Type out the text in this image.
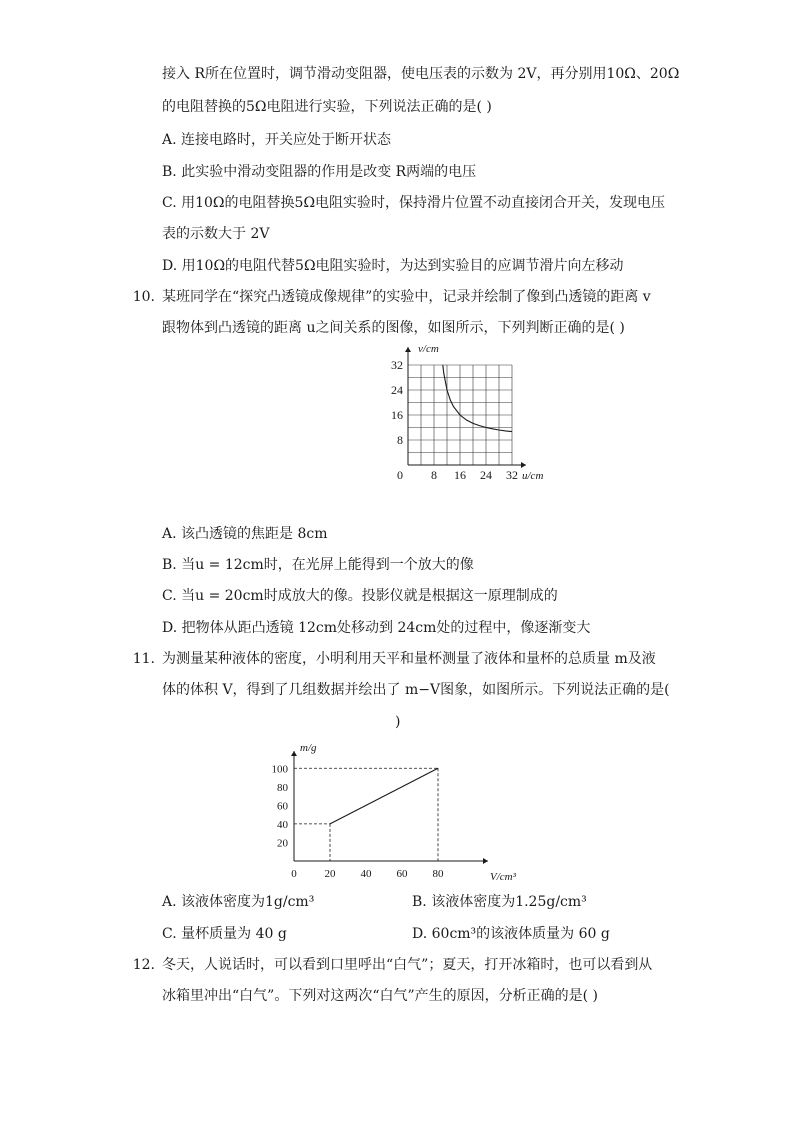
接入 R所在位置时，调节滑动变阻器，使电压表的示数为 2V，再分别用10Ω、20Ω
的电阻替换的5Ω电阻进行实验，下列说法正确的是( )
A. 连接电路时，开关应处于断开状态
B. 此实验中滑动变阻器的作用是改变 R两端的电压
C. 用10Ω的电阻替换5Ω电阻实验时，保持滑片位置不动直接闭合开关，发现电压
表的示数大于 2V
D. 用10Ω的电阻代替5Ω电阻实验时，为达到实验目的应调节滑片向左移动
10. 某班同学在“探究凸透镜成像规律”的实验中，记录并绘制了像到凸透镜的距离 v
跟物体到凸透镜的距离 u之间关系的图像，如图所示，下列判断正确的是( )
v/cm
u/cm
0 8 16 24 32
8
16
24
32
A. 该凸透镜的焦距是 8cm
B. 当u = 12cm时，在光屏上能得到一个放大的像
C. 当u = 20cm时成放大的像。投影仪就是根据这一原理制成的
D. 把物体从距凸透镜 12cm处移动到 24cm处的过程中，像逐渐变大
11. 为测量某种液体的密度，小明利用天平和量杯测量了液体和量杯的总质量 m及液
体的体积 V，得到了几组数据并绘出了 m−V图象，如图所示。下列说法正确的是(
)
m/g
V/cm³
0	20 40 60 80
20
40
60
80
100
A. 该液体密度为1g/cm³	B. 该液体密度为1.25g/cm³
C. 量杯质量为 40 g	D. 60cm³的该液体质量为 60 g
12. 冬天，人说话时，可以看到口里呼出“白气”；夏天，打开冰箱时，也可以看到从
冰箱里冲出“白气”。下列对这两次“白气”产生的原因，分析正确的是( )
